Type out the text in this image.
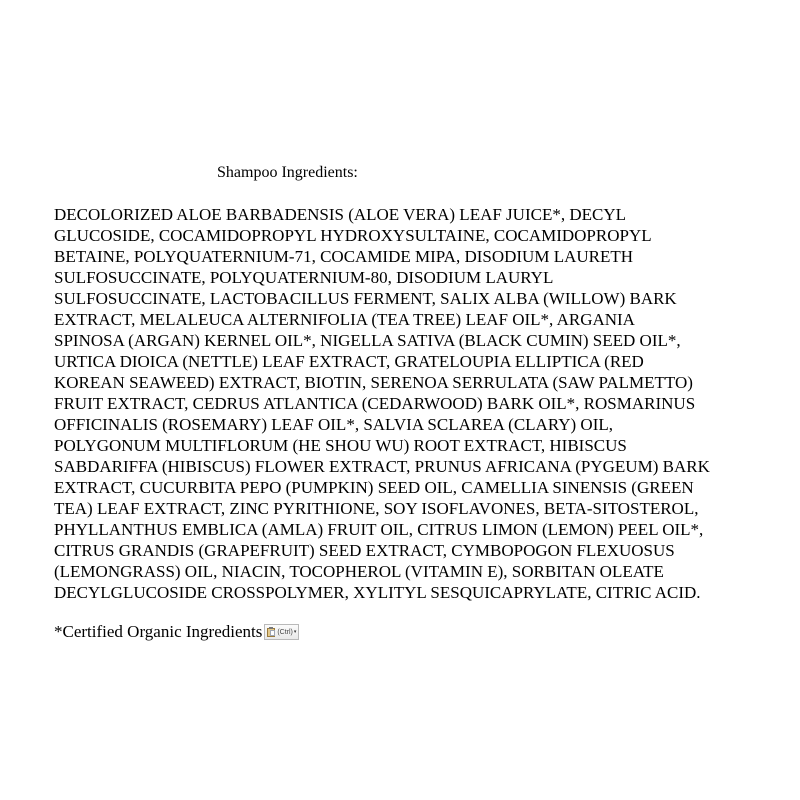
Shampoo Ingredients:
DECOLORIZED ALOE BARBADENSIS (ALOE VERA) LEAF JUICE*, DECYL
GLUCOSIDE, COCAMIDOPROPYL HYDROXYSULTAINE, COCAMIDOPROPYL
BETAINE, POLYQUATERNIUM-71, COCAMIDE MIPA, DISODIUM LAURETH
SULFOSUCCINATE, POLYQUATERNIUM-80, DISODIUM LAURYL
SULFOSUCCINATE, LACTOBACILLUS FERMENT, SALIX ALBA (WILLOW) BARK
EXTRACT, MELALEUCA ALTERNIFOLIA (TEA TREE) LEAF OIL*, ARGANIA
SPINOSA (ARGAN) KERNEL OIL*, NIGELLA SATIVA (BLACK CUMIN) SEED OIL*,
URTICA DIOICA (NETTLE) LEAF EXTRACT, GRATELOUPIA ELLIPTICA (RED
KOREAN SEAWEED) EXTRACT, BIOTIN, SERENOA SERRULATA (SAW PALMETTO)
FRUIT EXTRACT, CEDRUS ATLANTICA (CEDARWOOD) BARK OIL*, ROSMARINUS
OFFICINALIS (ROSEMARY) LEAF OIL*, SALVIA SCLAREA (CLARY) OIL,
POLYGONUM MULTIFLORUM (HE SHOU WU) ROOT EXTRACT, HIBISCUS
SABDARIFFA (HIBISCUS) FLOWER EXTRACT, PRUNUS AFRICANA (PYGEUM) BARK
EXTRACT, CUCURBITA PEPO (PUMPKIN) SEED OIL, CAMELLIA SINENSIS (GREEN
TEA) LEAF EXTRACT, ZINC PYRITHIONE, SOY ISOFLAVONES, BETA-SITOSTEROL,
PHYLLANTHUS EMBLICA (AMLA) FRUIT OIL, CITRUS LIMON (LEMON) PEEL OIL*,
CITRUS GRANDIS (GRAPEFRUIT) SEED EXTRACT, CYMBOPOGON FLEXUOSUS
(LEMONGRASS) OIL, NIACIN, TOCOPHEROL (VITAMIN E), SORBITAN OLEATE
DECYLGLUCOSIDE CROSSPOLYMER, XYLITYL SESQUICAPRYLATE, CITRIC ACID.
*Certified Organic Ingredients (Ctrl) ▾
